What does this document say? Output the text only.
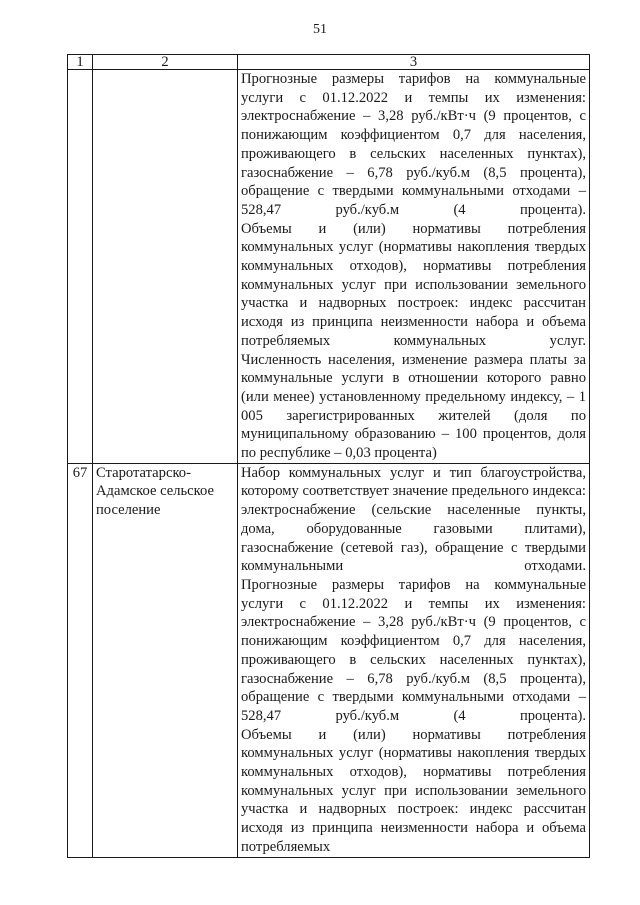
51
1	2	3

		Прогнозные размеры тарифов на коммунальные услуги с 01.12.2022 и темпы их изменения: электроснабжение – 3,28 руб./кВт·ч (9 процентов, с понижающим коэффициентом 0,7 для населения, проживающего в сельских населенных пунктах), газоснабжение – 6,78 руб./куб.м (8,5 процента), обращение с твердыми коммунальными отходами – 528,47 руб./куб.м (4 процента).

Объемы и (или) нормативы потребления коммунальных услуг (нормативы накопления твердых коммунальных отходов), нормативы потребления коммунальных услуг при использовании земельного участка и надворных построек: индекс рассчитан исходя из принципа неизменности набора и объема потребляемых коммунальных услуг.

Численность населения, изменение размера платы за коммунальные услуги в отношении которого равно (или менее) установленному предельному индексу, – 1 005 зарегистрированных жителей (доля по муниципальному образованию – 100 процентов, доля по республике – 0,03 процента)

67	Старотатарско-Адамское сельское поселение	Набор коммунальных услуг и тип благоустройства, которому соответствует значение предельного индекса: электроснабжение (сельские населенные пункты, дома, оборудованные газовыми плитами), газоснабжение (сетевой газ), обращение с твердыми коммунальными отходами.

Прогнозные размеры тарифов на коммунальные услуги с 01.12.2022 и темпы их изменения: электроснабжение – 3,28 руб./кВт·ч (9 процентов, с понижающим коэффициентом 0,7 для населения, проживающего в сельских населенных пунктах), газоснабжение – 6,78 руб./куб.м (8,5 процента), обращение с твердыми коммунальными отходами – 528,47 руб./куб.м (4 процента).

Объемы и (или) нормативы потребления коммунальных услуг (нормативы накопления твердых коммунальных отходов), нормативы потребления коммунальных услуг при использовании земельного участка и надворных построек: индекс рассчитан исходя из принципа неизменности набора и объема потребляемых
